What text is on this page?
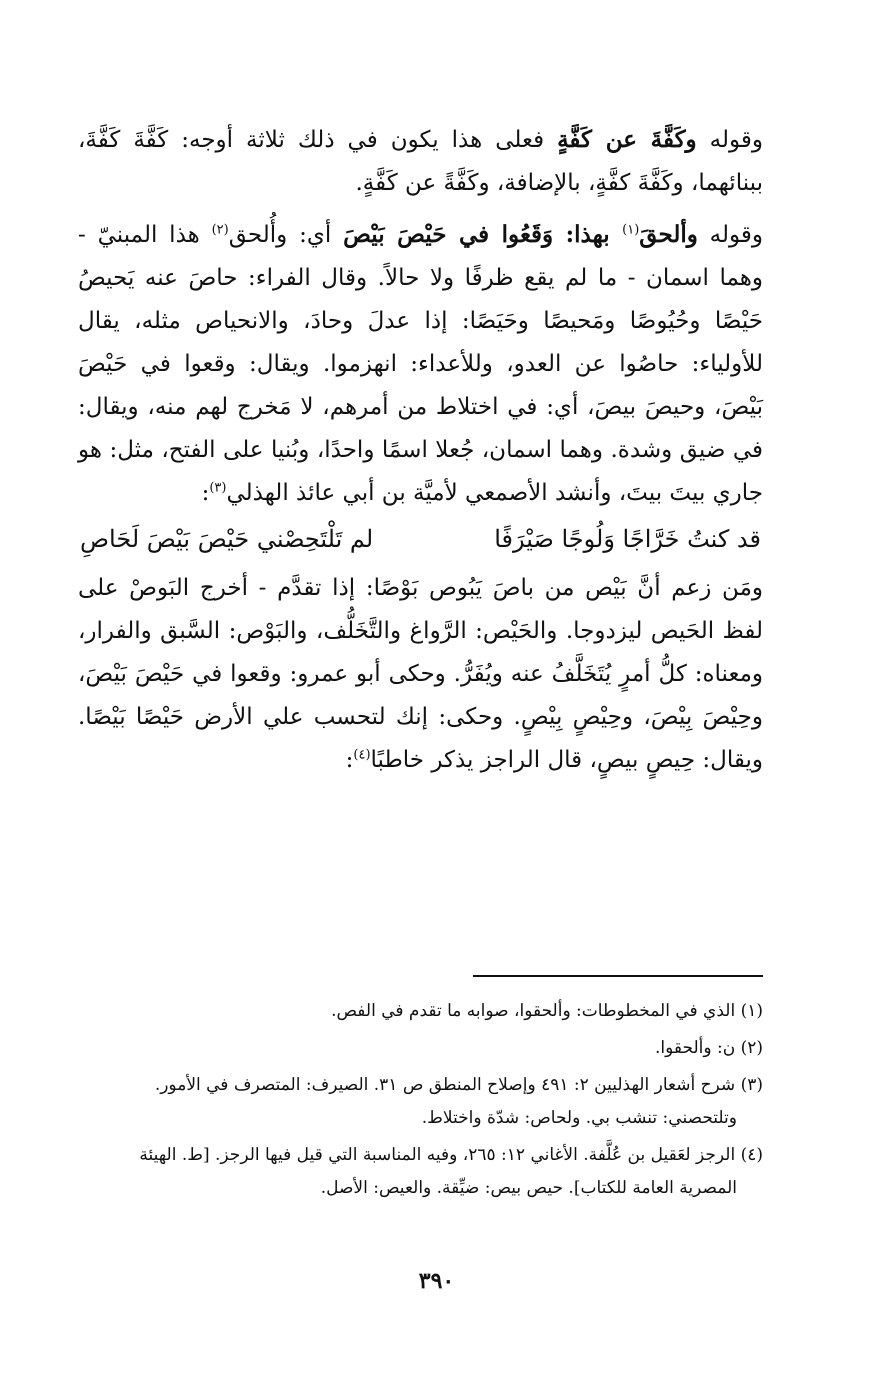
وقوله وكَفَّةَ عن كَفَّةٍ فعلى هذا يكون في ذلك ثلاثة أوجه: كَفَّةَ كَفَّةَ، ببنائهما، وكَفَّةَ كفَّةٍ، بالإضافة، وكَفَّةً عن كَفَّةٍ.

وقوله وألحقَ$^{(١)}$ بهذا: وَقَعُوا في حَيْصَ بَيْصَ أي: وأُلحق$^{(٢)}$ هذا المبنيّ - وهما اسمان - ما لم يقع ظرفًا ولا حالاً. وقال الفراء: حاصَ عنه يَحيصُ حَيْصًا وحُيُوصًا ومَحيصًا وحَيَصًا: إذا عدلَ وحادَ، والانحياص مثله، يقال للأولياء: حاصُوا عن العدو، وللأعداء: انهزموا. ويقال: وقعوا في حَيْصَ بَيْصَ، وحيصَ بيصَ، أي: في اختلاط من أمرهم، لا مَخرج لهم منه، ويقال: في ضيق وشدة. وهما اسمان، جُعلا اسمًا واحدًا، وبُنيا على الفتح، مثل: هو جاري بيتَ بيتَ، وأنشد الأصمعي لأميَّة بن أبي عائذ الهذلي$^{(٣)}$:

قد كنتُ خَرَّاجًا وَلُوجًا صَيْرَفًا
لم تَلْتَحِصْني حَيْصَ بَيْصَ لَحَاصِ

ومَن زعم أنَّ بَيْص من باصَ يَبُوص بَوْصًا: إذا تقدَّم - أخرج البَوصْ على لفظ الحَيص ليزدوجا. والحَيْص: الرَّواغ والتَّخَلُّف، والبَوْص: السَّبق والفرار، ومعناه: كلُّ أمرٍ يُتَخَلَّفُ عنه ويُفَرُّ. وحكى أبو عمرو: وقعوا في حَيْصَ بَيْصَ، وحِيْصَ بِيْصَ، وحِيْصٍ بِيْصٍ. وحكى: إنك لتحسب علي الأرض حَيْصًا بَيْصًا. ويقال: حِيصٍ بيصٍ، قال الراجز يذكر خاطبًا$^{(٤)}$:

(١) الذي في المخطوطات: وألحقوا، صوابه ما تقدم في الفص.

(٢) ن: وألحقوا.

(٣) شرح أشعار الهذليين ٢: ٤٩١ وإصلاح المنطق ص ٣١. الصيرف: المتصرف في الأمور.
وتلتحصني: تنشب بي. ولحاص: شدّة واختلاط.

(٤) الرجز لعَقيل بن عُلَّفة. الأغاني ١٢: ٢٦٥، وفيه المناسبة التي قيل فيها الرجز. [ط. الهيئة
المصرية العامة للكتاب]. حيص بيص: ضيِّقة. والعيص: الأصل.

٣٩٠
